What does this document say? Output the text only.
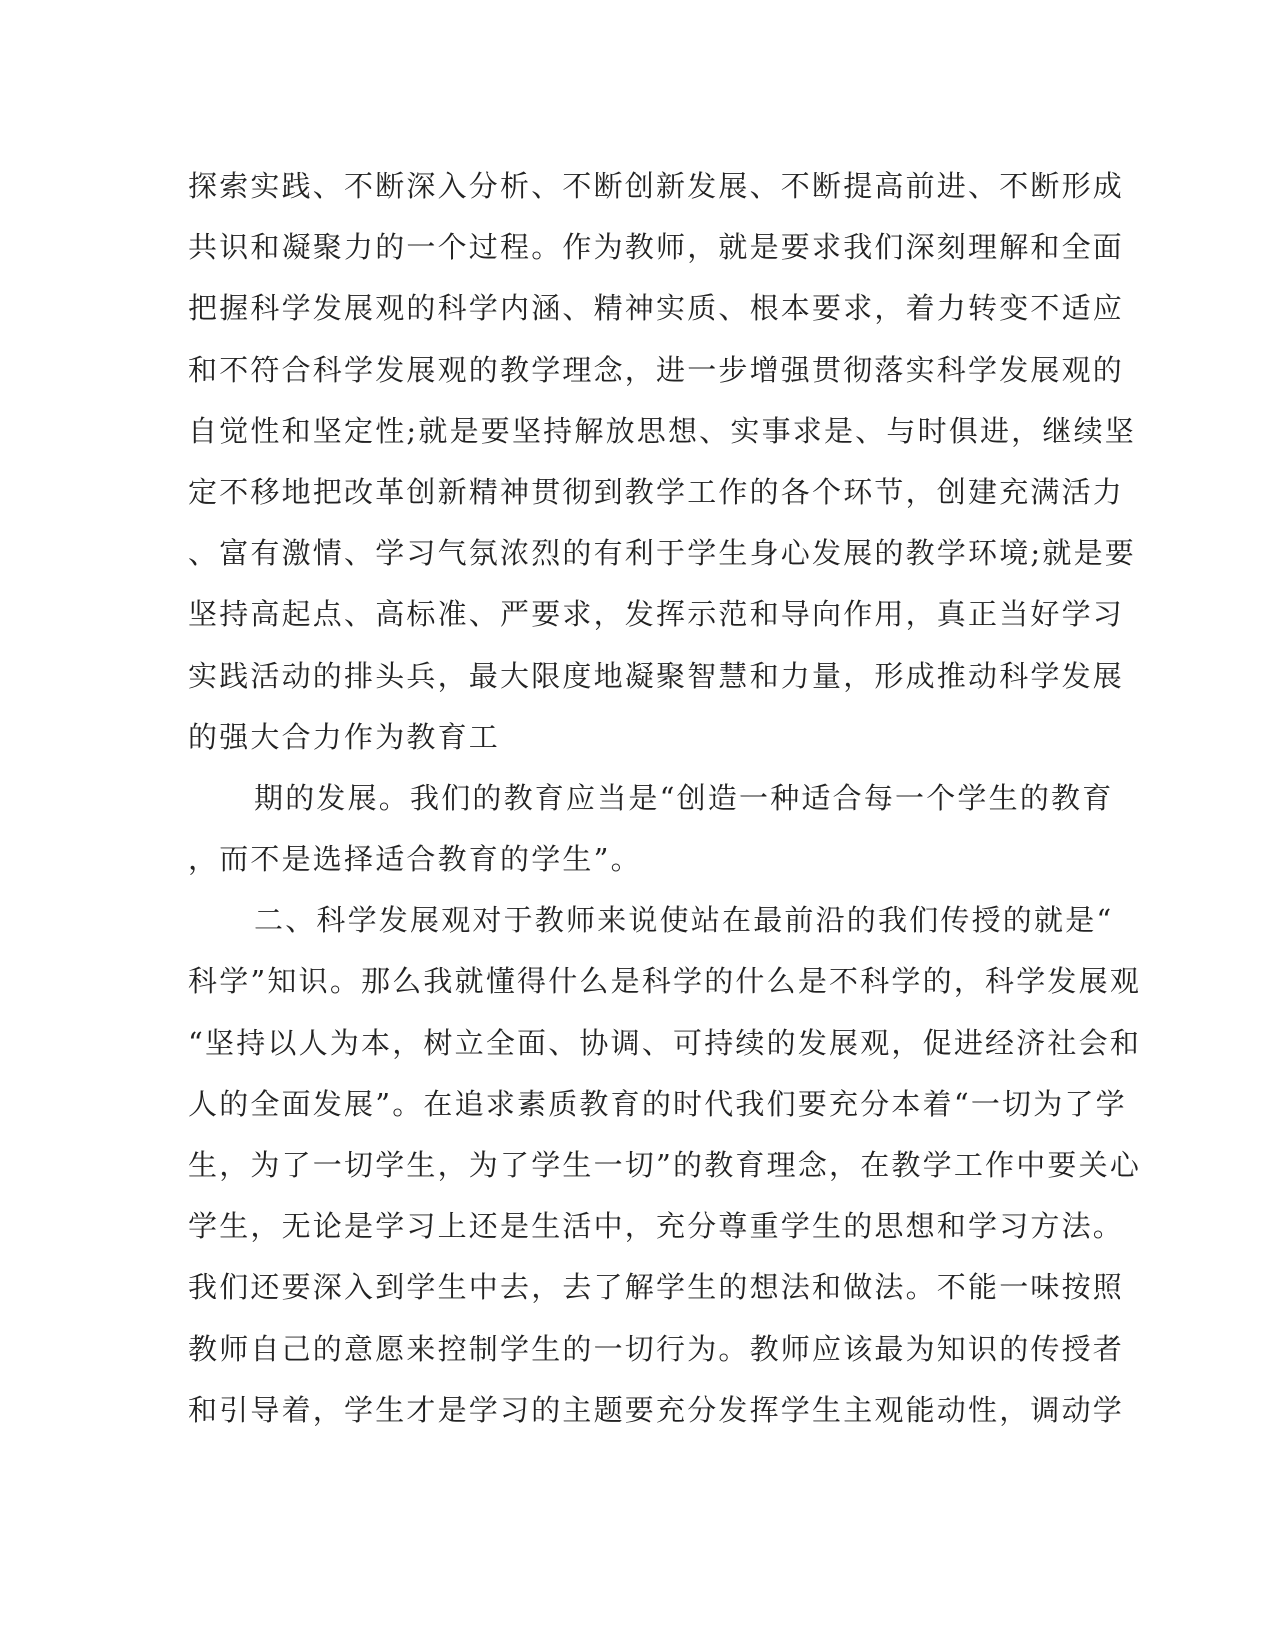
探索实践、不断深入分析、不断创新发展、不断提高前进、不断形成
共识和凝聚力的一个过程。作为教师，就是要求我们深刻理解和全面
把握科学发展观的科学内涵、精神实质、根本要求，着力转变不适应
和不符合科学发展观的教学理念，进一步增强贯彻落实科学发展观的
自觉性和坚定性;就是要坚持解放思想、实事求是、与时俱进，继续坚
定不移地把改革创新精神贯彻到教学工作的各个环节，创建充满活力
、富有激情、学习气氛浓烈的有利于学生身心发展的教学环境;就是要
坚持高起点、高标准、严要求，发挥示范和导向作用，真正当好学习
实践活动的排头兵，最大限度地凝聚智慧和力量，形成推动科学发展
的强大合力作为教育工
期的发展。我们的教育应当是“创造一种适合每一个学生的教育
，而不是选择适合教育的学生”。
二、科学发展观对于教师来说使站在最前沿的我们传授的就是“
科学”知识。那么我就懂得什么是科学的什么是不科学的，科学发展观
“坚持以人为本，树立全面、协调、可持续的发展观，促进经济社会和
人的全面发展”。在追求素质教育的时代我们要充分本着“一切为了学
生，为了一切学生，为了学生一切”的教育理念，在教学工作中要关心
学生，无论是学习上还是生活中，充分尊重学生的思想和学习方法。
我们还要深入到学生中去，去了解学生的想法和做法。不能一味按照
教师自己的意愿来控制学生的一切行为。教师应该最为知识的传授者
和引导着，学生才是学习的主题要充分发挥学生主观能动性，调动学
